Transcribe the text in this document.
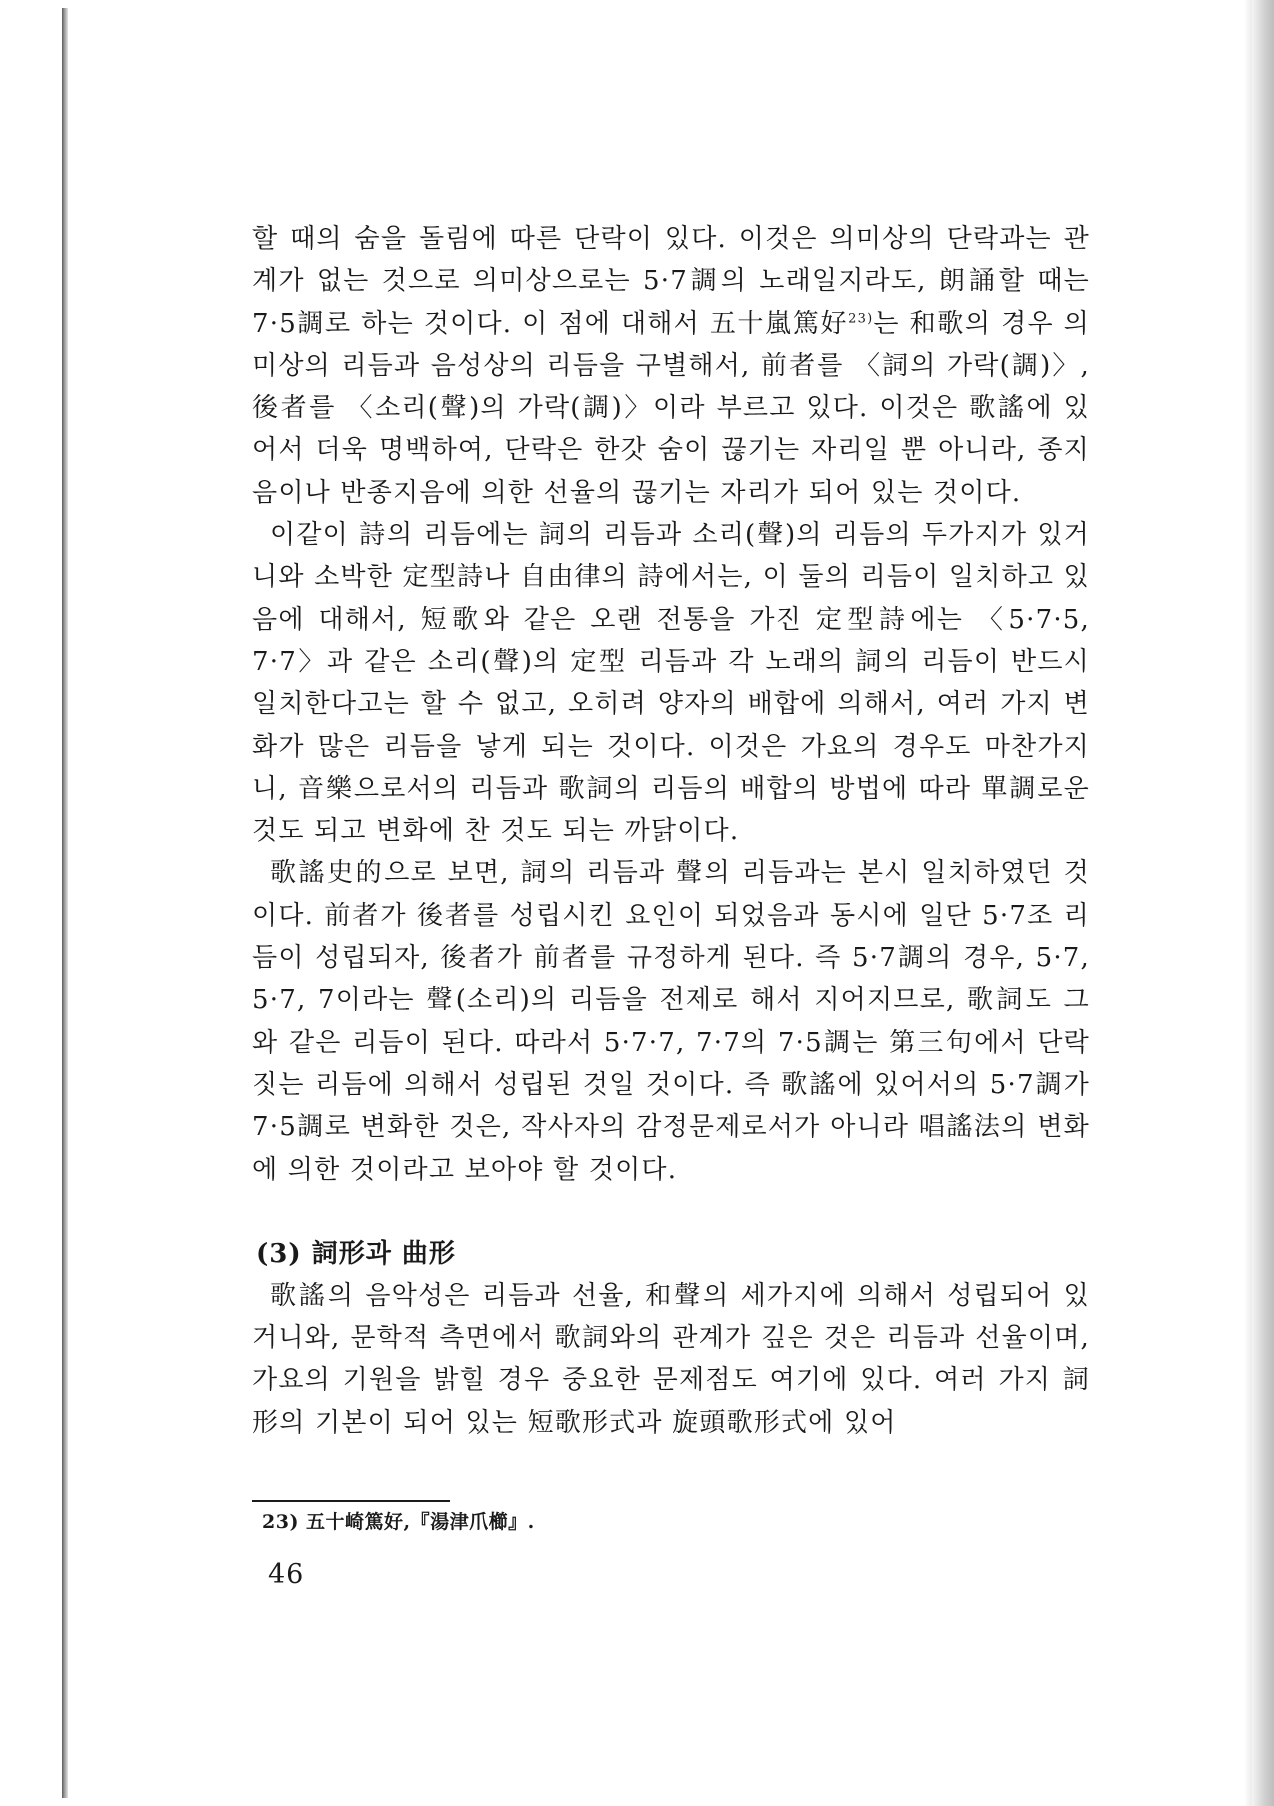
할 때의 숨을 돌림에 따른 단락이 있다. 이것은 의미상의 단락과는 관계가 없는 것으로 의미상으로는 5·7調의 노래일지라도, 朗誦할 때는 7·5調로 하는 것이다. 이 점에 대해서 五十嵐篤好$^{23)}$는 和歌의 경우 의미상의 리듬과 음성상의 리듬을 구별해서, 前者를 〈詞의 가락(調)〉, 後者를 〈소리(聲)의 가락(調)〉이라 부르고 있다. 이것은 歌謠에 있어서 더욱 명백하여, 단락은 한갓 숨이 끊기는 자리일 뿐 아니라, 종지음이나 반종지음에 의한 선율의 끊기는 자리가 되어 있는 것이다.

이같이 詩의 리듬에는 詞의 리듬과 소리(聲)의 리듬의 두가지가 있거니와 소박한 定型詩나 自由律의 詩에서는, 이 둘의 리듬이 일치하고 있음에 대해서, 短歌와 같은 오랜 전통을 가진 定型詩에는 〈5·7·5, 7·7〉과 같은 소리(聲)의 定型 리듬과 각 노래의 詞의 리듬이 반드시 일치한다고는 할 수 없고, 오히려 양자의 배합에 의해서, 여러 가지 변화가 많은 리듬을 낳게 되는 것이다. 이것은 가요의 경우도 마찬가지니, 音樂으로서의 리듬과 歌詞의 리듬의 배합의 방법에 따라 單調로운 것도 되고 변화에 찬 것도 되는 까닭이다.

歌謠史的으로 보면, 詞의 리듬과 聲의 리듬과는 본시 일치하였던 것이다. 前者가 後者를 성립시킨 요인이 되었음과 동시에 일단 5·7조 리듬이 성립되자, 後者가 前者를 규정하게 된다. 즉 5·7調의 경우, 5·7, 5·7, 7이라는 聲(소리)의 리듬을 전제로 해서 지어지므로, 歌詞도 그와 같은 리듬이 된다. 따라서 5·7·7, 7·7의 7·5調는 第三句에서 단락짓는 리듬에 의해서 성립된 것일 것이다. 즉 歌謠에 있어서의 5·7調가 7·5調로 변화한 것은, 작사자의 감정문제로서가 아니라 唱謠法의 변화에 의한 것이라고 보아야 할 것이다.

(3) 詞形과 曲形

歌謠의 음악성은 리듬과 선율, 和聲의 세가지에 의해서 성립되어 있거니와, 문학적 측면에서 歌詞와의 관계가 깊은 것은 리듬과 선율이며, 가요의 기원을 밝힐 경우 중요한 문제점도 여기에 있다. 여러 가지 詞形의 기본이 되어 있는 短歌形式과 旋頭歌形式에 있어

23) 五十崎篤好,『湯津爪櫛』.
46
